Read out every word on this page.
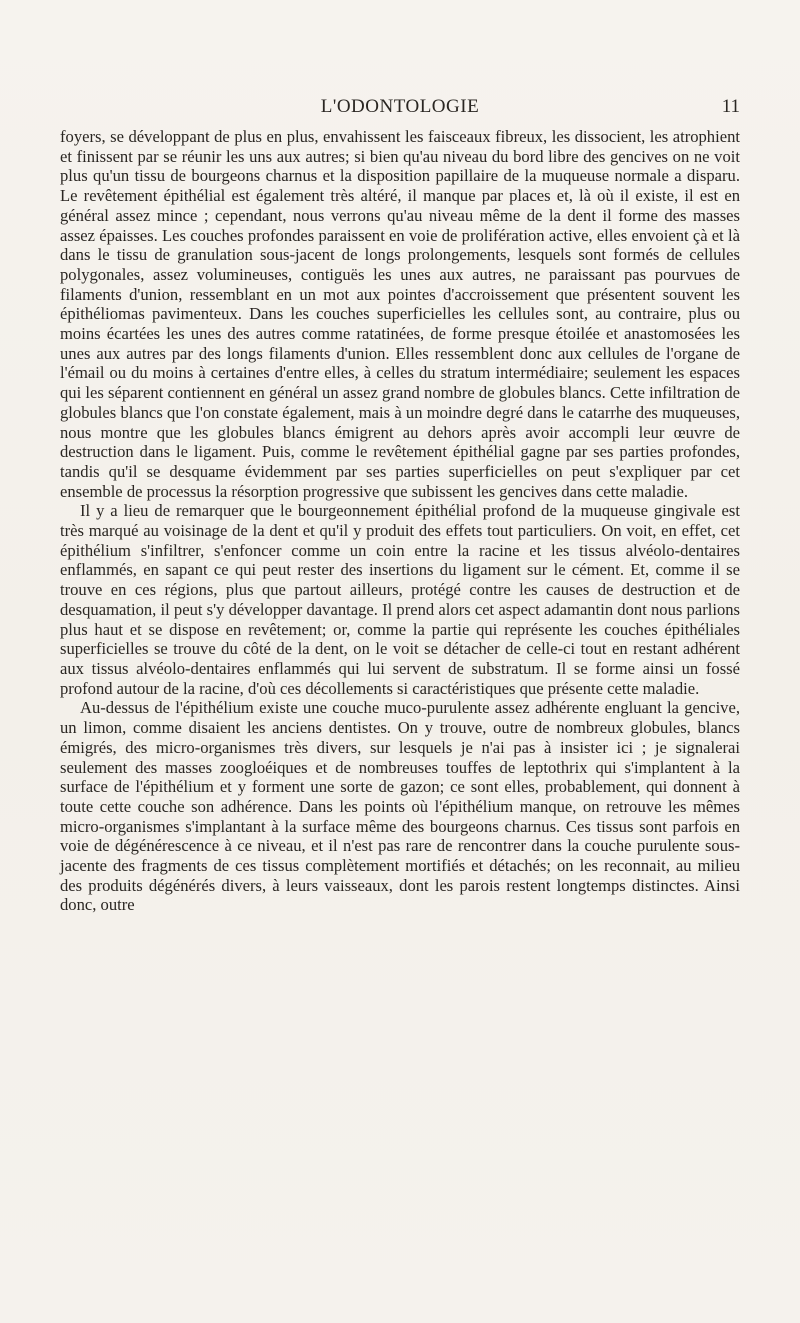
L'ODONTOLOGIE	11

foyers, se développant de plus en plus, envahissent les faisceaux fibreux, les dissocient, les atrophient et finissent par se réunir les uns aux autres; si bien qu'au niveau du bord libre des gencives on ne voit plus qu'un tissu de bourgeons charnus et la disposition papillaire de la muqueuse normale a disparu. Le revêtement épithélial est également très altéré, il manque par places et, là où il existe, il est en général assez mince ; cependant, nous verrons qu'au niveau même de la dent il forme des masses assez épaisses. Les couches profondes paraissent en voie de prolifération active, elles envoient çà et là dans le tissu de granulation sous-jacent de longs prolongements, lesquels sont formés de cellules polygonales, assez volumineuses, contiguës les unes aux autres, ne paraissant pas pourvues de filaments d'union, ressemblant en un mot aux pointes d'accroissement que présentent souvent les épithéliomas pavimenteux. Dans les couches superficielles les cellules sont, au contraire, plus ou moins écartées les unes des autres comme ratatinées, de forme presque étoilée et anastomosées les unes aux autres par des longs filaments d'union. Elles ressemblent donc aux cellules de l'organe de l'émail ou du moins à certaines d'entre elles, à celles du stratum intermédiaire; seulement les espaces qui les séparent contiennent en général un assez grand nombre de globules blancs. Cette infiltration de globules blancs que l'on constate également, mais à un moindre degré dans le catarrhe des muqueuses, nous montre que les globules blancs émigrent au dehors après avoir accompli leur œuvre de destruction dans le ligament. Puis, comme le revêtement épithélial gagne par ses parties profondes, tandis qu'il se desquame évidemment par ses parties superficielles on peut s'expliquer par cet ensemble de processus la résorption progressive que subissent les gencives dans cette maladie.

Il y a lieu de remarquer que le bourgeonnement épithélial profond de la muqueuse gingivale est très marqué au voisinage de la dent et qu'il y produit des effets tout particuliers. On voit, en effet, cet épithélium s'infiltrer, s'enfoncer comme un coin entre la racine et les tissus alvéolo-dentaires enflammés, en sapant ce qui peut rester des insertions du ligament sur le cément. Et, comme il se trouve en ces régions, plus que partout ailleurs, protégé contre les causes de destruction et de desquamation, il peut s'y développer davantage. Il prend alors cet aspect adamantin dont nous parlions plus haut et se dispose en revêtement; or, comme la partie qui représente les couches épithéliales superficielles se trouve du côté de la dent, on le voit se détacher de celle-ci tout en restant adhérent aux tissus alvéolo-dentaires enflammés qui lui servent de substratum. Il se forme ainsi un fossé profond autour de la racine, d'où ces décollements si caractéristiques que présente cette maladie.

Au-dessus de l'épithélium existe une couche muco-purulente assez adhérente engluant la gencive, un limon, comme disaient les anciens dentistes. On y trouve, outre de nombreux globules, blancs émigrés, des micro-organismes très divers, sur lesquels je n'ai pas à insister ici ; je signalerai seulement des masses zoogloéiques et de nombreuses touffes de leptothrix qui s'implantent à la surface de l'épithélium et y forment une sorte de gazon; ce sont elles, probablement, qui donnent à toute cette couche son adhérence. Dans les points où l'épithélium manque, on retrouve les mêmes micro-organismes s'implantant à la surface même des bourgeons charnus. Ces tissus sont parfois en voie de dégénérescence à ce niveau, et il n'est pas rare de rencontrer dans la couche purulente sous-jacente des fragments de ces tissus complètement mortifiés et détachés; on les reconnait, au milieu des produits dégénérés divers, à leurs vaisseaux, dont les parois restent longtemps distinctes. Ainsi donc, outre
